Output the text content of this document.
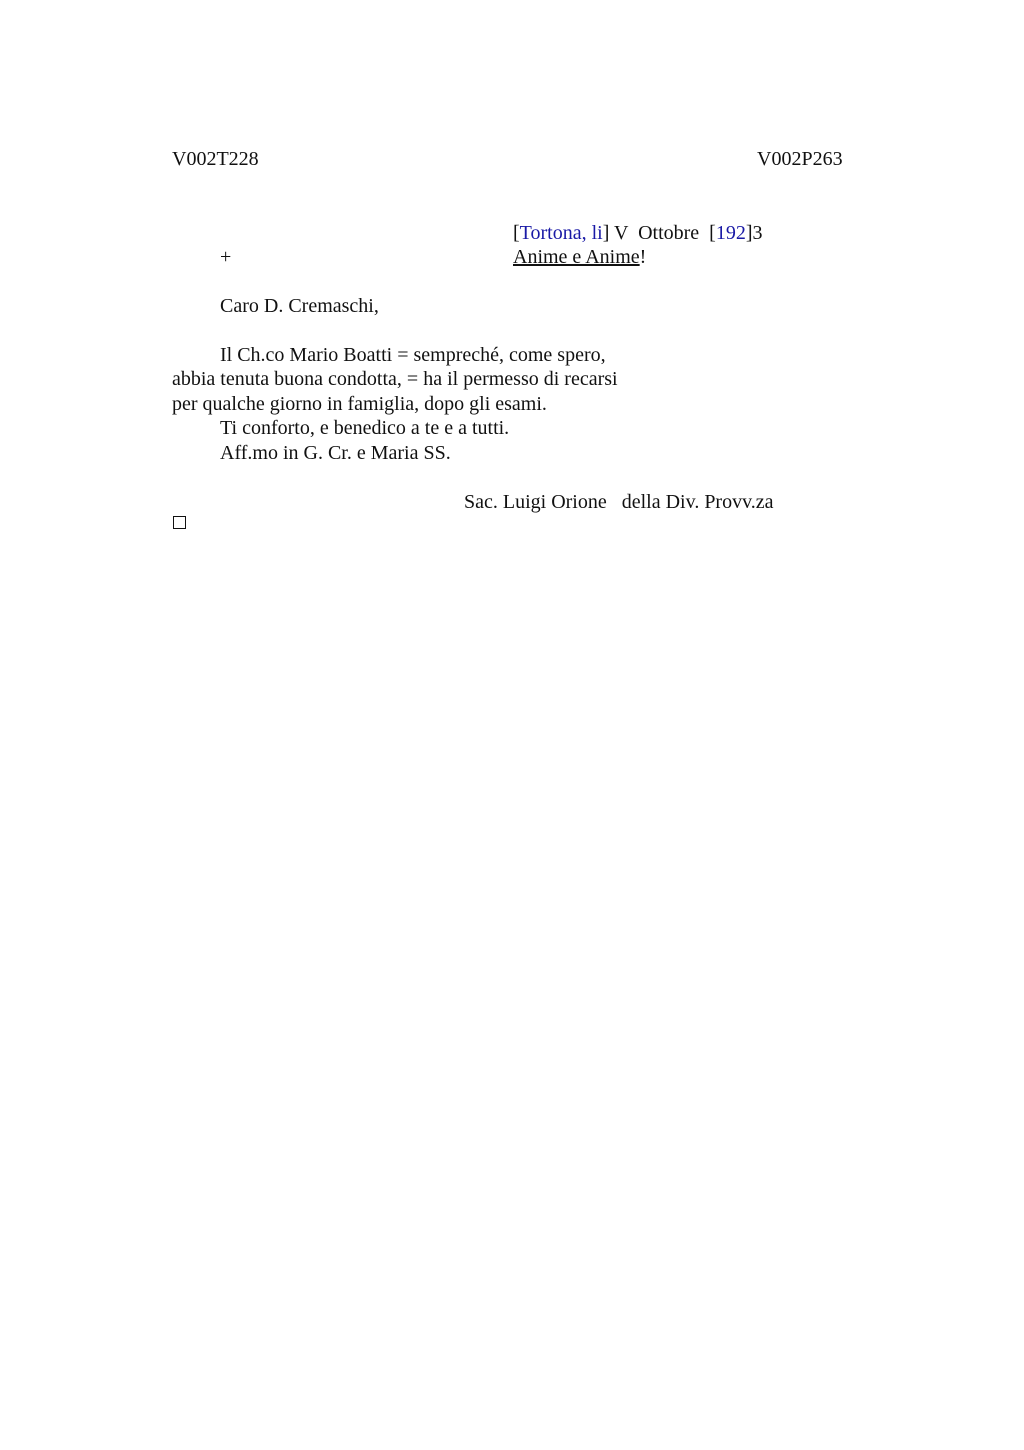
V002T228	V002P263
[Tortona, li] V  Ottobre  [192]3
+	Anime e Anime!
Caro D. Cremaschi,
Il Ch.co Mario Boatti = sempreché, come spero,
abbia tenuta buona condotta, = ha il permesso di recarsi
per qualche giorno in famiglia, dopo gli esami.
Ti conforto, e benedico a te e a tutti.
Aff.mo in G. Cr. e Maria SS.
Sac. Luigi Orione   della Div. Provv.za
